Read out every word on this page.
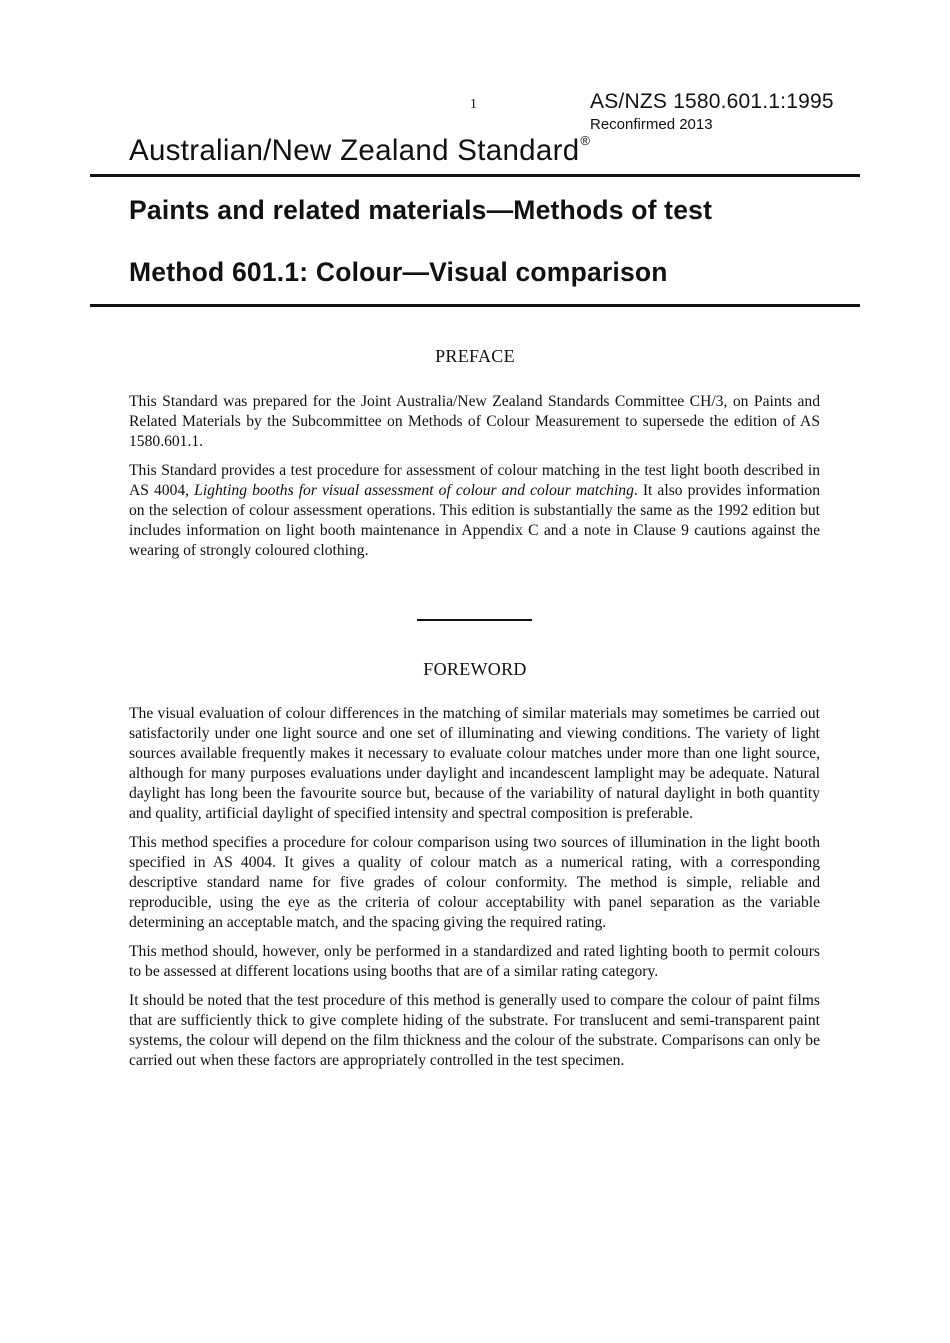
1	AS/NZS 1580.601.1:1995
Reconfirmed 2013
Australian/New Zealand Standard®
Paints and related materials—Methods of test
Method 601.1: Colour—Visual comparison
PREFACE

This Standard was prepared for the Joint Australia/New Zealand Standards Committee CH/3, on Paints and Related Materials by the Subcommittee on Methods of Colour Measurement to supersede the edition of AS 1580.601.1.

This Standard provides a test procedure for assessment of colour matching in the test light booth described in AS 4004, Lighting booths for visual assessment of colour and colour matching. It also provides information on the selection of colour assessment operations. This edition is substantially the same as the 1992 edition but includes information on light booth maintenance in Appendix C and a note in Clause 9 cautions against the wearing of strongly coloured clothing.

FOREWORD

The visual evaluation of colour differences in the matching of similar materials may sometimes be carried out satisfactorily under one light source and one set of illuminating and viewing conditions. The variety of light sources available frequently makes it necessary to evaluate colour matches under more than one light source, although for many purposes evaluations under daylight and incandescent lamplight may be adequate. Natural daylight has long been the favourite source but, because of the variability of natural daylight in both quantity and quality, artificial daylight of specified intensity and spectral composition is preferable.

This method specifies a procedure for colour comparison using two sources of illumination in the light booth specified in AS 4004. It gives a quality of colour match as a numerical rating, with a corresponding descriptive standard name for five grades of colour conformity. The method is simple, reliable and reproducible, using the eye as the criteria of colour acceptability with panel separation as the variable determining an acceptable match, and the spacing giving the required rating.

This method should, however, only be performed in a standardized and rated lighting booth to permit colours to be assessed at different locations using booths that are of a similar rating category.

It should be noted that the test procedure of this method is generally used to compare the colour of paint films that are sufficiently thick to give complete hiding of the substrate. For translucent and semi-transparent paint systems, the colour will depend on the film thickness and the colour of the substrate. Comparisons can only be carried out when these factors are appropriately controlled in the test specimen.
